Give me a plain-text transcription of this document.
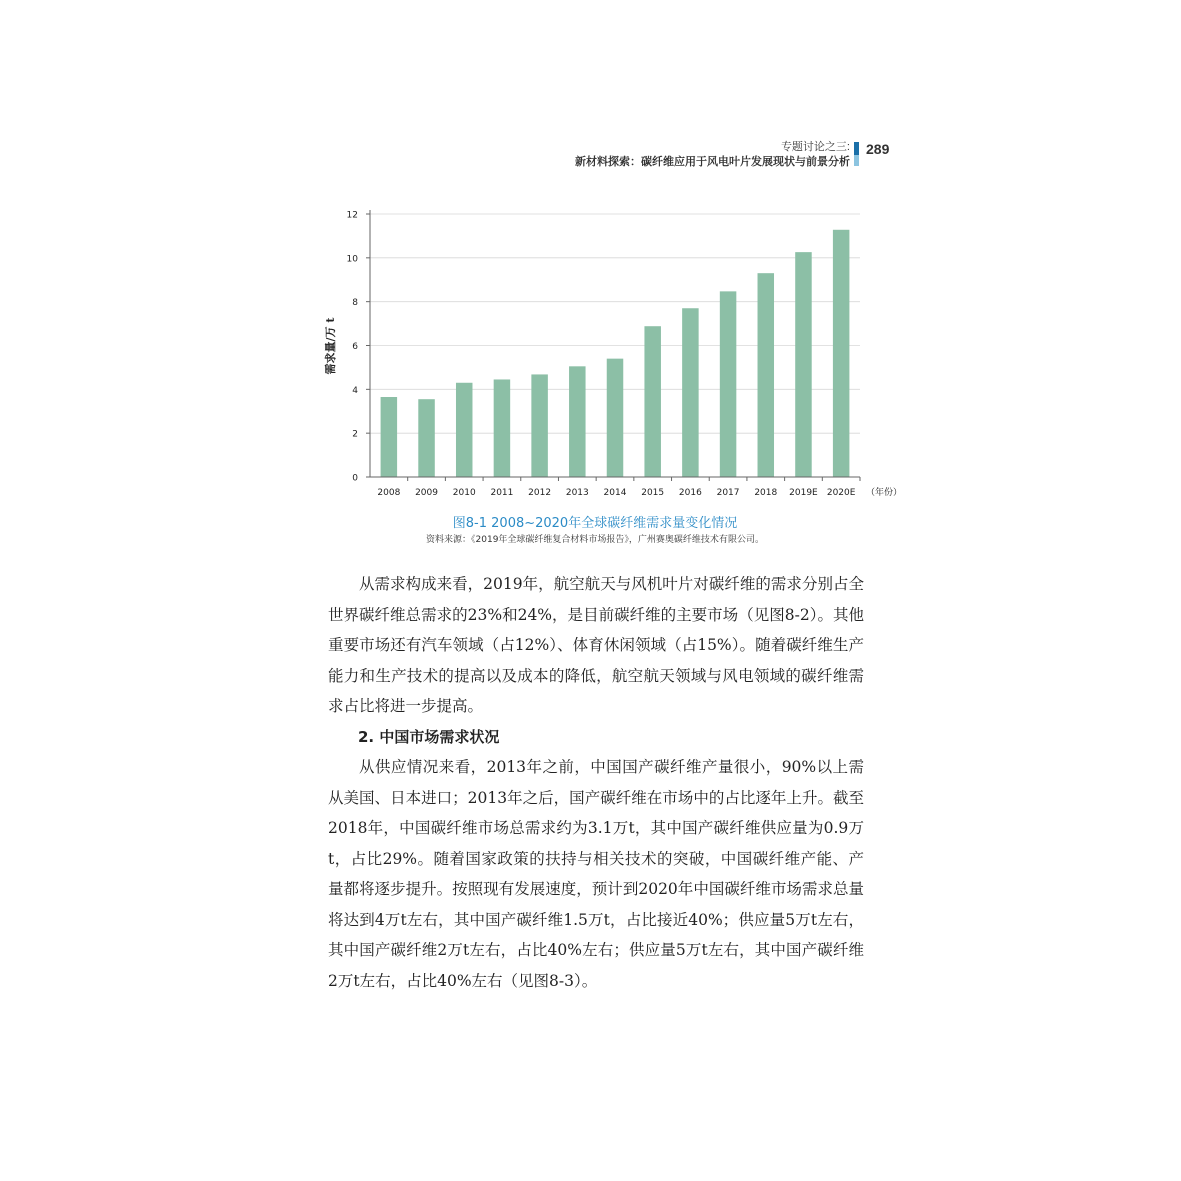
专题讨论之三:
新材料探索：碳纤维应用于风电叶片发展现状与前景分析
289
0
2
4
6
8
10
12
2008 2009 2010 2011 2012 2013 2014 2015 2016 2017 2018 2019E 2020E
需求量/万 t
（年份）
图8-1 2008~2020年全球碳纤维需求量变化情况
资料来源：《2019年全球碳纤维复合材料市场报告》，广州赛奥碳纤维技术有限公司。

从需求构成来看，2019年，航空航天与风机叶片对碳纤维的需求分别占全世界碳纤维总需求的23%和24%，是目前碳纤维的主要市场（见图8-2）。其他重要市场还有汽车领域（占12%）、体育休闲领域（占15%）。随着碳纤维生产能力和生产技术的提高以及成本的降低，航空航天领域与风电领域的碳纤维需求占比将进一步提高。

2. 中国市场需求状况

从供应情况来看，2013年之前，中国国产碳纤维产量很小，90%以上需从美国、日本进口；2013年之后，国产碳纤维在市场中的占比逐年上升。截至2018年，中国碳纤维市场总需求约为3.1万t，其中国产碳纤维供应量为0.9万t，占比29%。随着国家政策的扶持与相关技术的突破，中国碳纤维产能、产量都将逐步提升。按照现有发展速度，预计到2020年中国碳纤维市场需求总量将达到4万t左右，其中国产碳纤维1.5万t，占比接近40%；供应量5万t左右，其中国产碳纤维2万t左右，占比40%左右；供应量5万t左右，其中国产碳纤维2万t左右，占比40%左右（见图8-3）。
